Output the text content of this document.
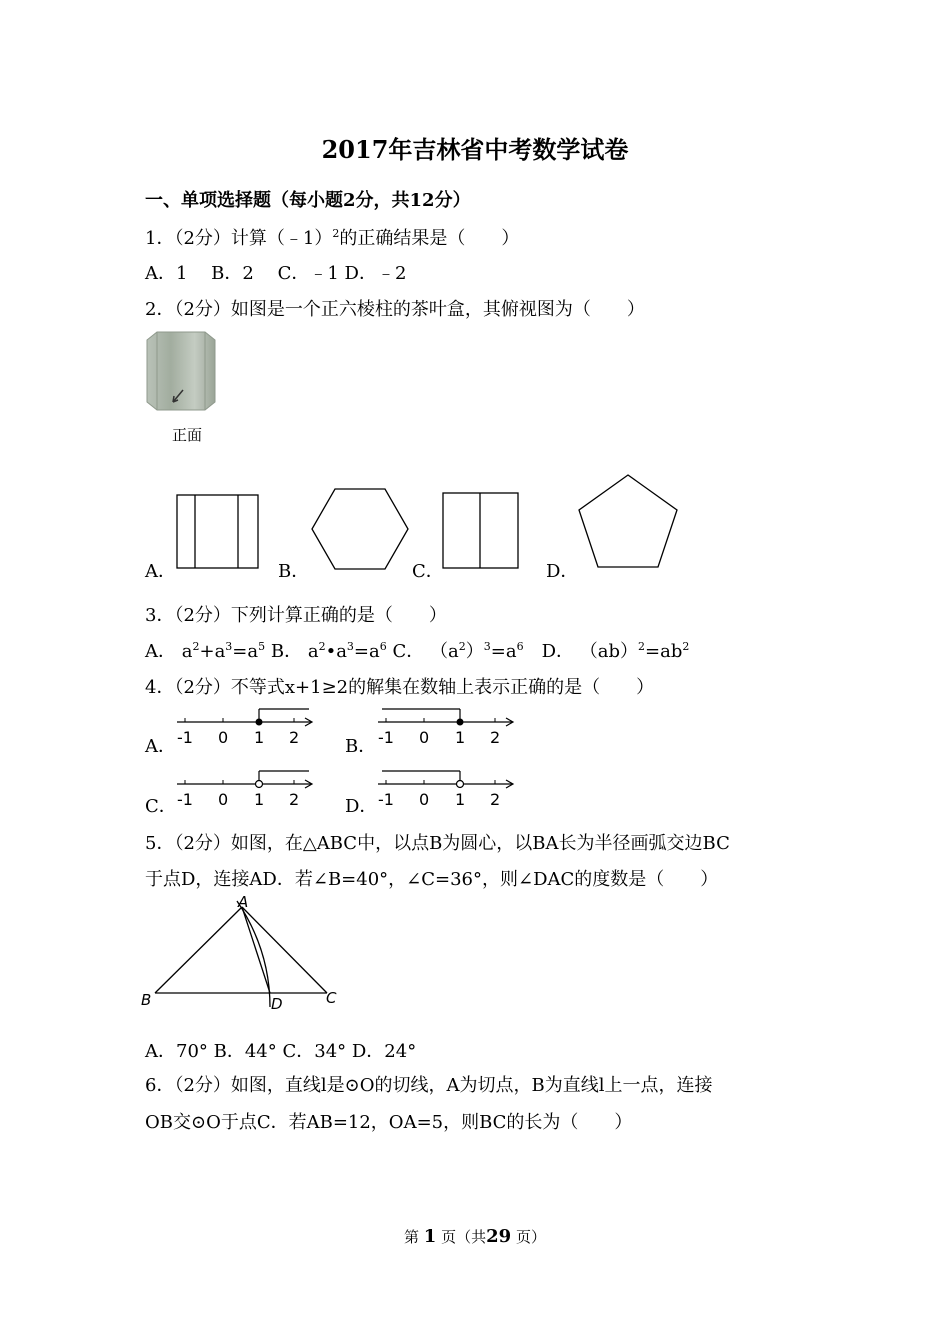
2017年吉林省中考数学试卷
一、单项选择题（每小题2分，共12分）
1．（2分）计算（﹣1）$^2$的正确结果是（　　）
A．1　 B．2　 C．﹣1 D．﹣2
2．（2分）如图是一个正六棱柱的茶叶盒，其俯视图为（　　）
正面
A．	B．	C．	D．
3．（2分）下列计算正确的是（　　）
A． $a^2+a^3=a^5$ B． $a^2•a^3=a^6$ C． $(a^2)^3=a^6$　 D． $(ab)^2=ab^2$
4．（2分）不等式x+1≥2的解集在数轴上表示正确的是（　　）
A． -1 0 1 2	B． -1 0 1 2
C． -1 0 1 2	D． -1 0 1 2
5．（2分）如图，在△ABC中，以点B为圆心，以BA长为半径画弧交边BC
于点D，连接AD．若∠B=40°，∠C=36°，则∠DAC的度数是（　　）
A
B	C
D
A．70° B．44° C．34° D．24°
6．（2分）如图，直线l是⊙O的切线，A为切点，B为直线l上一点，连接
OB交⊙O于点C．若AB=12，OA=5，则BC的长为（　　）
第 1 页（共29 页）
